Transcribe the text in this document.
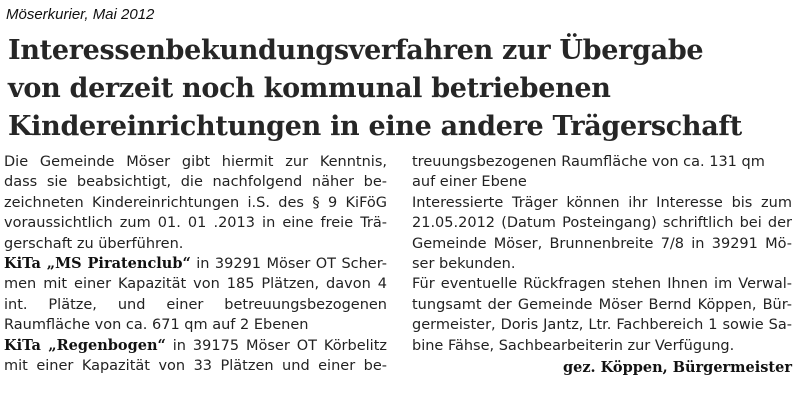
Möserkurier, Mai 2012
Interessenbekundungsverfahren zur Übergabe
von derzeit noch kommunal betriebenen
Kindereinrichtungen in eine andere Trägerschaft
Die Gemeinde Möser gibt hiermit zur Kenntnis,
dass sie beabsichtigt, die nachfolgend näher be-
zeichneten Kindereinrichtungen i.S. des § 9 KiFöG
voraussichtlich zum 01. 01 .2013 in eine freie Trä-
gerschaft zu überführen.
KiTa „MS Piratenclub“ in 39291 Möser OT Scher-
men mit einer Kapazität von 185 Plätzen, davon 4
int. Plätze, und einer betreuungsbezogenen
Raumfläche von ca. 671 qm auf 2 Ebenen
KiTa „Regenbogen“ in 39175 Möser OT Körbelitz
mit einer Kapazität von 33 Plätzen und einer be-
treuungsbezogenen Raumfläche von ca. 131 qm
auf einer Ebene
Interessierte Träger können ihr Interesse bis zum
21.05.2012 (Datum Posteingang) schriftlich bei der
Gemeinde Möser, Brunnenbreite 7/8 in 39291 Mö-
ser bekunden.
Für eventuelle Rückfragen stehen Ihnen im Verwal-
tungsamt der Gemeinde Möser Bernd Köppen, Bür-
germeister, Doris Jantz, Ltr. Fachbereich 1 sowie Sa-
bine Fähse, Sachbearbeiterin zur Verfügung.
gez. Köppen, Bürgermeister
